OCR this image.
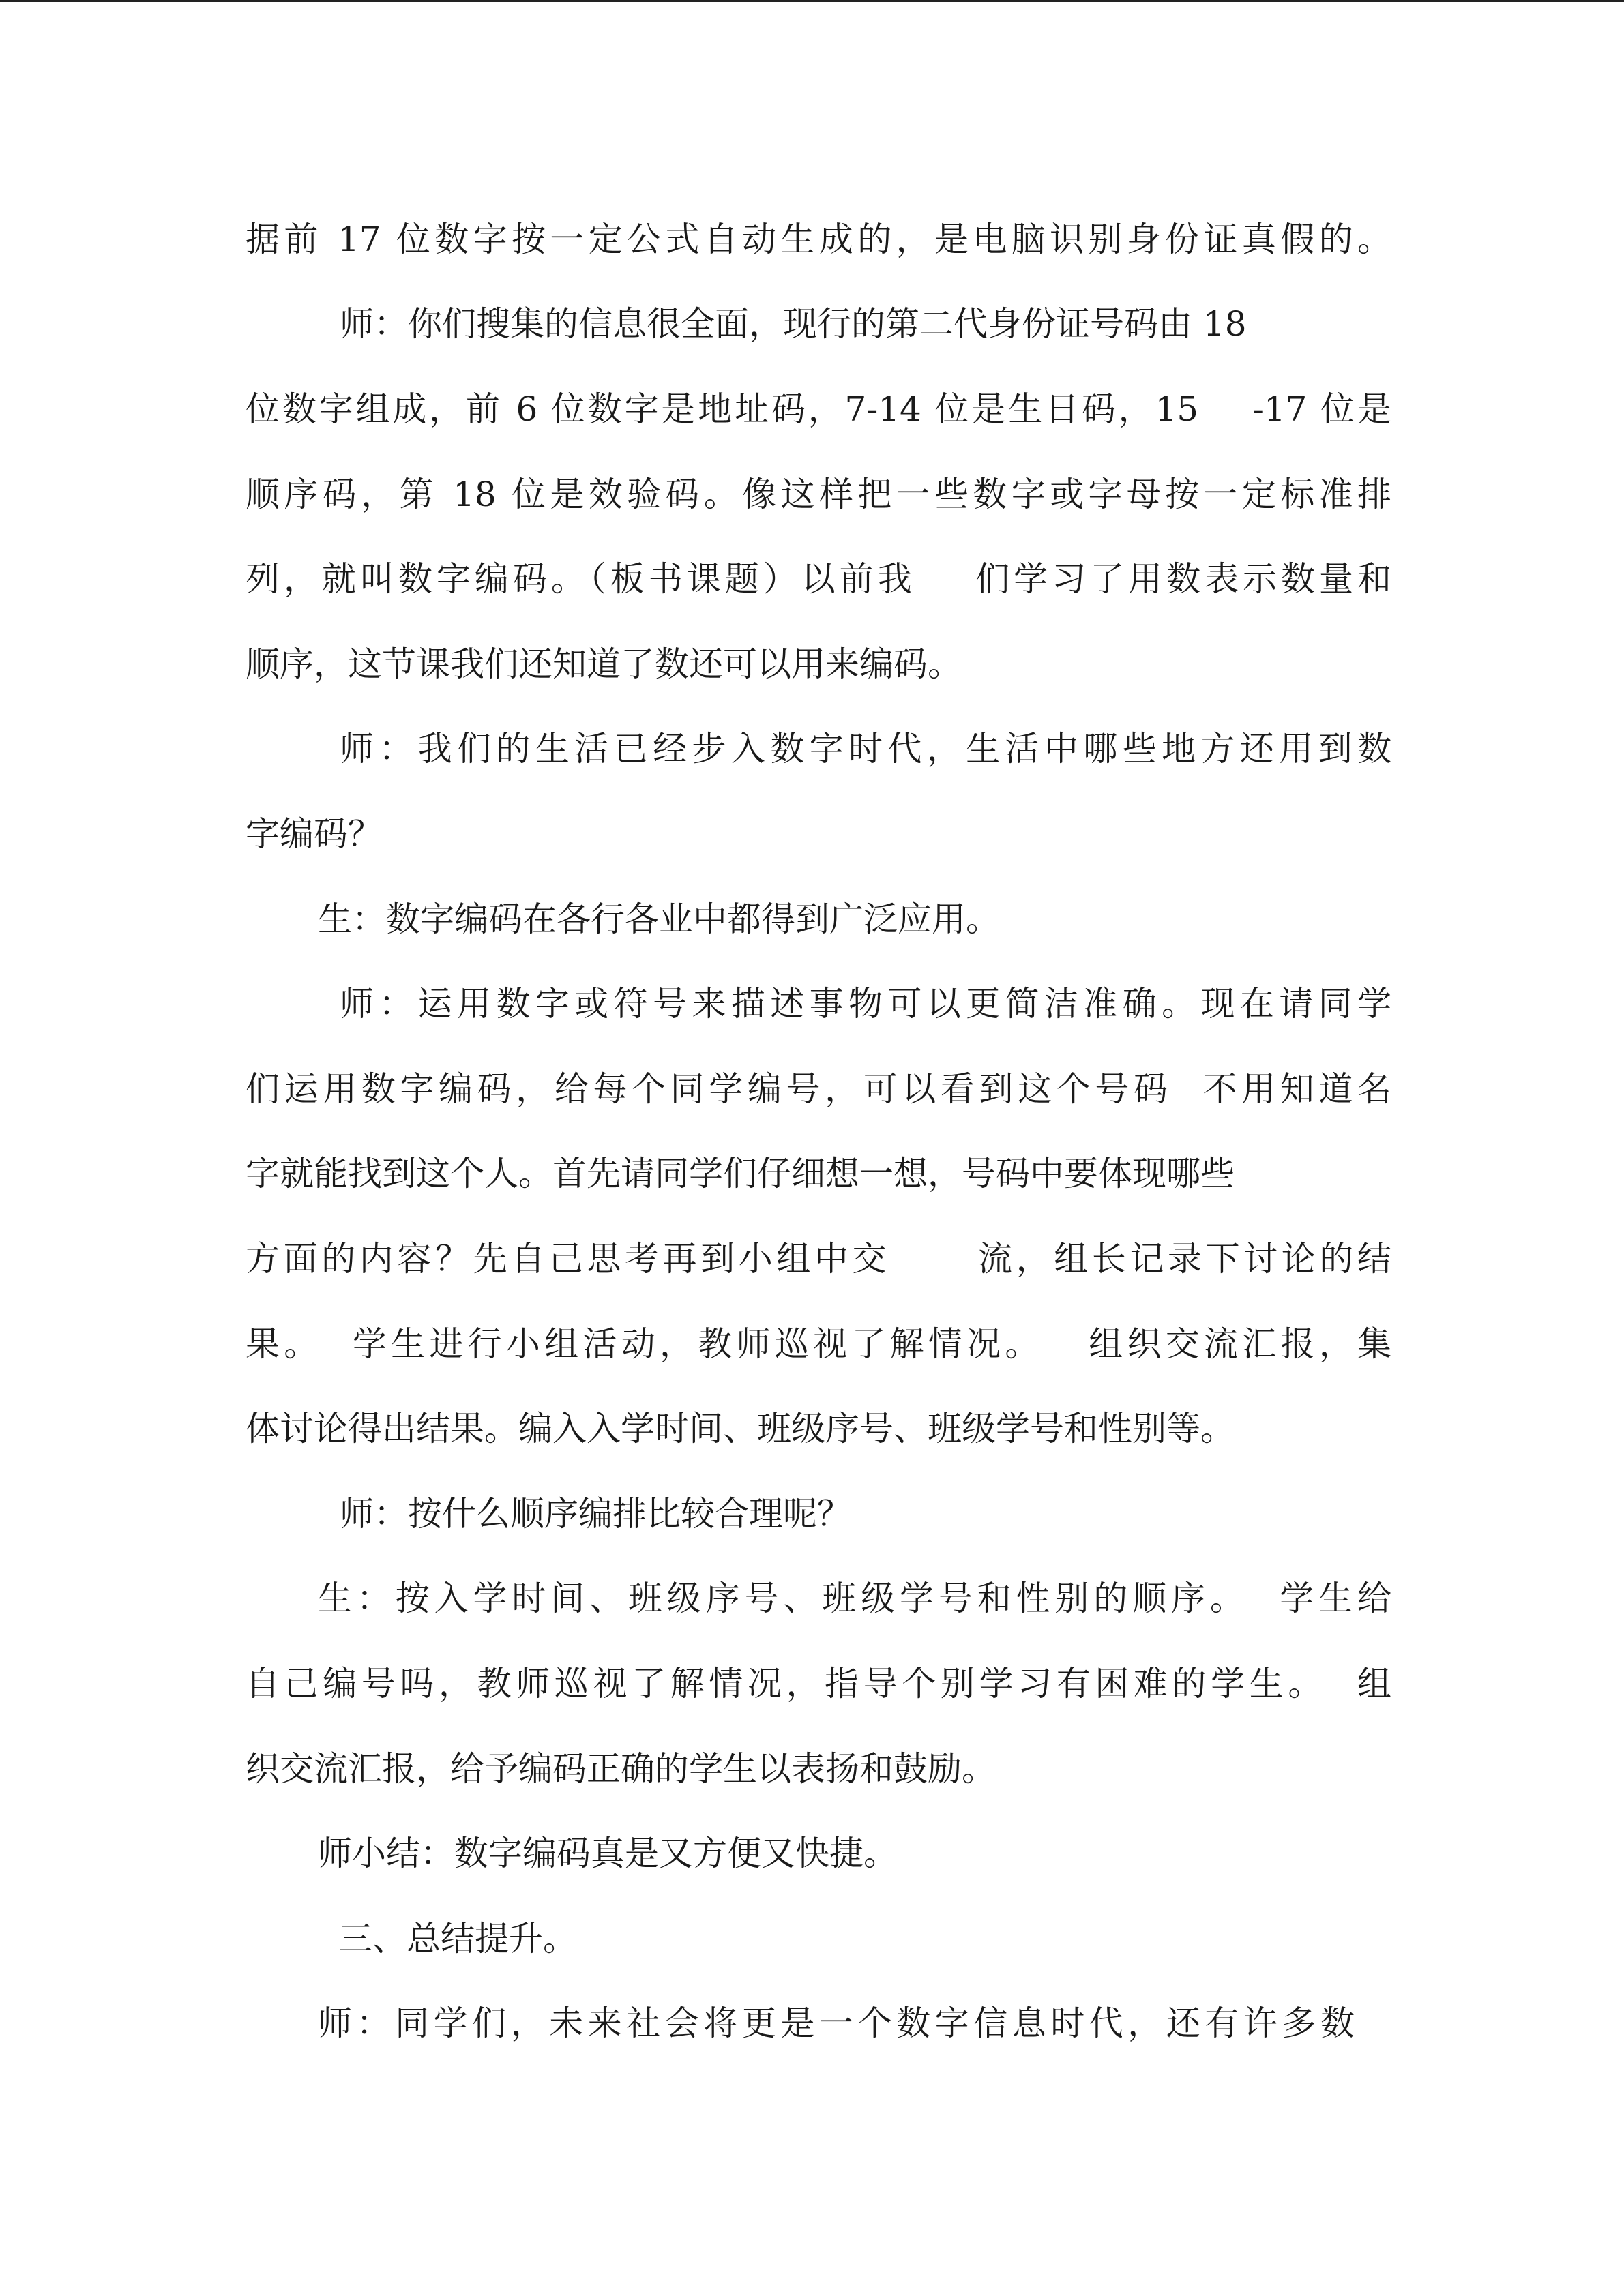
据前 17 位数字按一定公式自动生成的，是电脑识别身份证真假的。
师：你们搜集的信息很全面，现行的第二代身份证号码由 18
位数字组成，前 6 位数字是地址码，7-14 位是生日码，15    -17 位是
顺序码，第 18 位是效验码。像这样把一些数字或字母按一定标准排
列，就叫数字编码。（板书课题）以前我    们学习了用数表示数量和
顺序，这节课我们还知道了数还可以用来编码。
师：我们的生活已经步入数字时代，生活中哪些地方还用到数
字编码？
生：数字编码在各行各业中都得到广泛应用。
师：运用数字或符号来描述事物可以更简洁准确。现在请同学
们运用数字编码，给每个同学编号，可以看到这个号码  不用知道名
字就能找到这个人。首先请同学们仔细想一想，号码中要体现哪些
方面的内容？先自己思考再到小组中交      流，组长记录下讨论的结
果。  学生进行小组活动，教师巡视了解情况。   组织交流汇报，集
体讨论得出结果。编入入学时间、班级序号、班级学号和性别等。
师：按什么顺序编排比较合理呢？
生：按入学时间、班级序号、班级学号和性别的顺序。  学生给
自己编号吗，教师巡视了解情况，指导个别学习有困难的学生。  组
织交流汇报，给予编码正确的学生以表扬和鼓励。
师小结：数字编码真是又方便又快捷。
三、总结提升。
师：同学们，未来社会将更是一个数字信息时代，还有许多数
